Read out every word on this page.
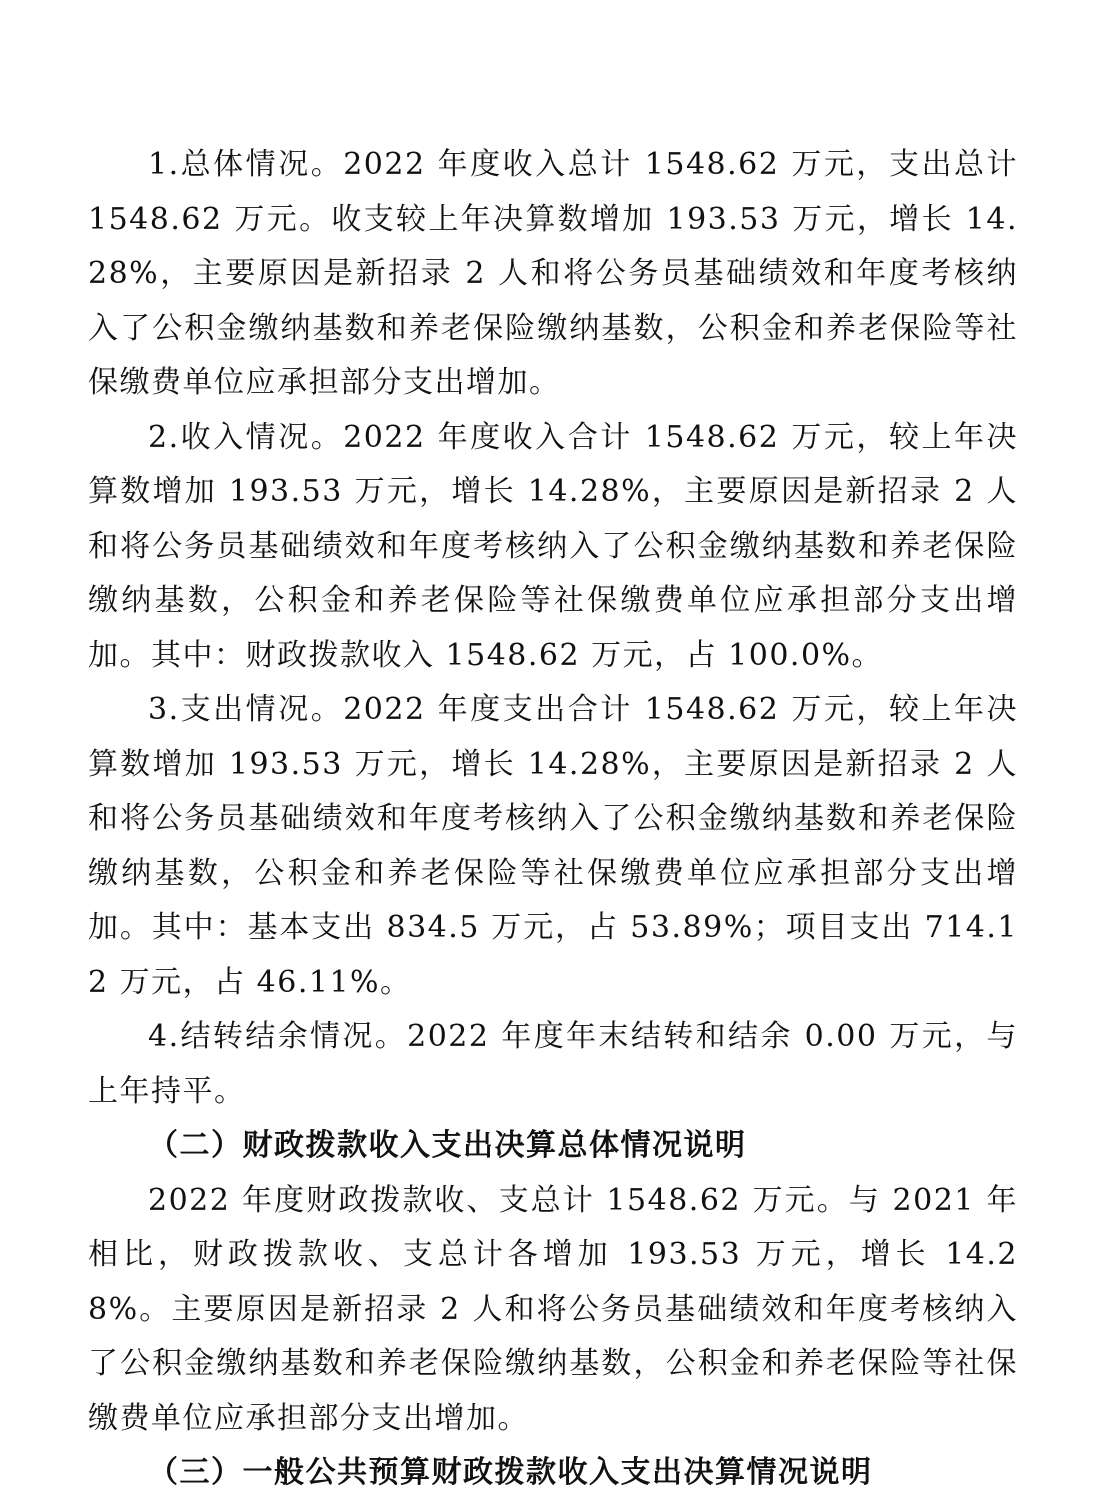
1.总体情况。2022 年度收入总计 1548.62 万元，支出总计 1548.62 万元。收支较上年决算数增加 193.53 万元，增长 14.28%，主要原因是新招录 2 人和将公务员基础绩效和年度考核纳入了公积金缴纳基数和养老保险缴纳基数，公积金和养老保险等社保缴费单位应承担部分支出增加。

2.收入情况。2022 年度收入合计 1548.62 万元，较上年决算数增加 193.53 万元，增长 14.28%，主要原因是新招录 2 人和将公务员基础绩效和年度考核纳入了公积金缴纳基数和养老保险缴纳基数，公积金和养老保险等社保缴费单位应承担部分支出增加。其中：财政拨款收入 1548.62 万元，占 100.0%。

3.支出情况。2022 年度支出合计 1548.62 万元，较上年决算数增加 193.53 万元，增长 14.28%，主要原因是新招录 2 人和将公务员基础绩效和年度考核纳入了公积金缴纳基数和养老保险缴纳基数，公积金和养老保险等社保缴费单位应承担部分支出增加。其中：基本支出 834.5 万元，占 53.89%；项目支出 714.12 万元，占 46.11%。

4.结转结余情况。2022 年度年末结转和结余 0.00 万元，与上年持平。

（二）财政拨款收入支出决算总体情况说明

2022 年度财政拨款收、支总计 1548.62 万元。与 2021 年相比，财政拨款收、支总计各增加 193.53 万元，增长 14.28%。主要原因是新招录 2 人和将公务员基础绩效和年度考核纳入了公积金缴纳基数和养老保险缴纳基数，公积金和养老保险等社保缴费单位应承担部分支出增加。

（三）一般公共预算财政拨款收入支出决算情况说明
